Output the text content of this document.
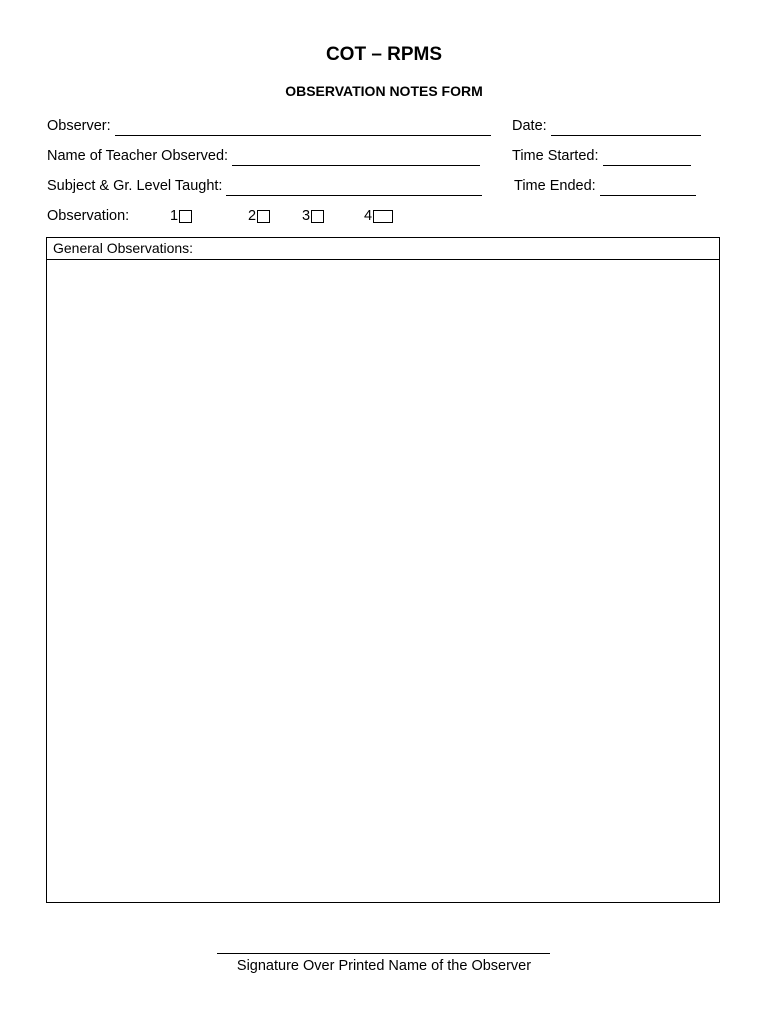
COT – RPMS
OBSERVATION NOTES FORM
Observer:	Date:
Name of Teacher Observed:	Time Started:
Subject & Gr. Level Taught:	Time Ended:
Observation:	1	2	3	4
General Observations:
Signature Over Printed Name of the Observer
